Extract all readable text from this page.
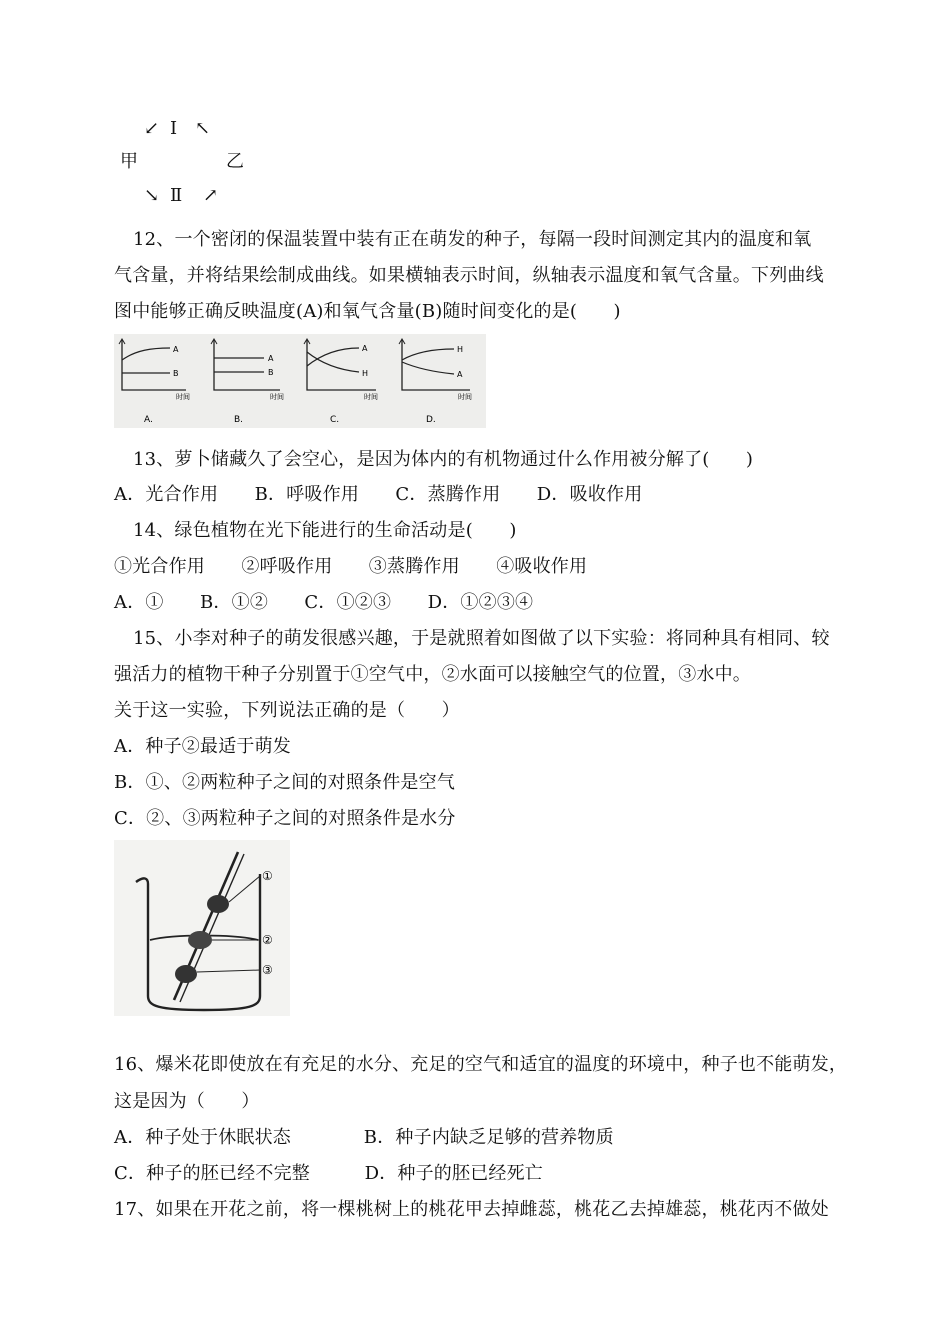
↙ Ⅰ ↖
甲	乙
↘ Ⅱ ↗
12、一个密闭的保温装置中装有正在萌发的种子，每隔一段时间测定其内的温度和氧
气含量，并将结果绘制成曲线。如果横轴表示时间，纵轴表示温度和氧气含量。下列曲线
图中能够正确反映温度(A)和氧气含量(B)随时间变化的是(　　)
A
B
时间
A.
A
B
时间
B.
A
H
时间
C.
H
A
时间
D.
13、萝卜储藏久了会空心，是因为体内的有机物通过什么作用被分解了(　　)
A．光合作用　　B．呼吸作用　　C．蒸腾作用　　D．吸收作用
14、绿色植物在光下能进行的生命活动是(　　)
①光合作用　　②呼吸作用　　③蒸腾作用　　④吸收作用
A．①　　B．①②　　C．①②③　　D．①②③④
15、小李对种子的萌发很感兴趣，于是就照着如图做了以下实验：将同种具有相同、较
强活力的植物干种子分别置于①空气中，②水面可以接触空气的位置，③水中。
关于这一实验，下列说法正确的是（　　）
A．种子②最适于萌发
B．①、②两粒种子之间的对照条件是空气
C．②、③两粒种子之间的对照条件是水分
①
②
③
16、爆米花即使放在有充足的水分、充足的空气和适宜的温度的环境中，种子也不能萌发，
这是因为（　　）
A．种子处于休眠状态　　　　B．种子内缺乏足够的营养物质
C．种子的胚已经不完整　　　D．种子的胚已经死亡
17、如果在开花之前，将一棵桃树上的桃花甲去掉雌蕊，桃花乙去掉雄蕊，桃花丙不做处
